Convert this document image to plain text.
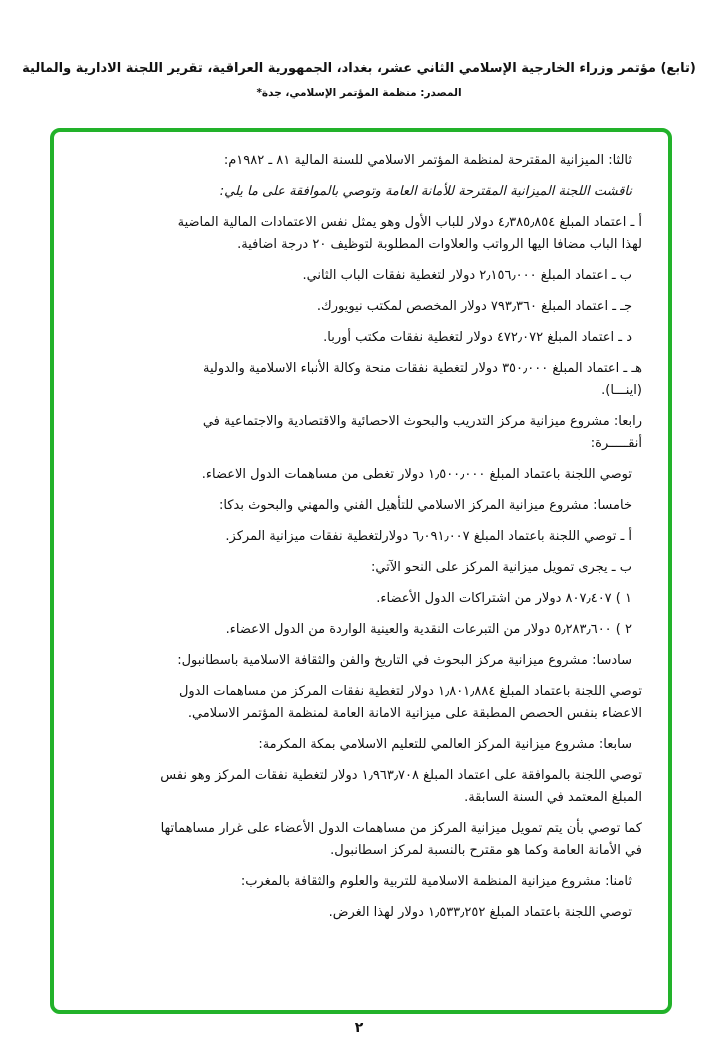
(تابع) مؤتمر وزراء الخارجية الإسلامي الثاني عشر، بغداد، الجمهورية العراقية، تقرير اللجنة الادارية والمالية
المصدر: منظمة المؤتمر الإسلامي، جدة*
ثالثا: الميزانية المقترحة لمنظمة المؤتمر الاسلامي للسنة المالية ٨١ ـ ١٩٨٢م:
ناقشت اللجنة الميزانية المقترحة للأمانة العامة وتوصي بالموافقة على ما يلي:
أ ـ اعتماد المبلغ ٤٫٣٨٥٫٨٥٤ دولار للباب الأول وهو يمثل نفس الاعتمادات المالية الماضية
لهذا الباب مضافا اليها الرواتب والعلاوات المطلوبة لتوظيف ٢٠ درجة اضافية.
ب ـ اعتماد المبلغ ٢٫١٥٦٫٠٠٠ دولار لتغطية نفقات الباب الثاني.
جـ ـ اعتماد المبلغ ٧٩٣٫٣٦٠ دولار المخصص لمكتب نيويورك.
د ـ اعتماد المبلغ ٤٧٢٫٠٧٢ دولار لتغطية نفقات مكتب أوربا.
هـ ـ اعتماد المبلغ ٣٥٠٫٠٠٠ دولار لتغطية نفقات منحة وكالة الأنباء الاسلامية والدولية
(اينـــا).
رابعا: مشروع ميزانية مركز التدريب والبحوث الاحصائية والاقتصادية والاجتماعية في
أنقـــــرة:
توصي اللجنة باعتماد المبلغ ١٫٥٠٠٫٠٠٠ دولار تغطى من مساهمات الدول الاعضاء.
خامسا: مشروع ميزانية المركز الاسلامي للتأهيل الفني والمهني والبحوث بدكا:
أ ـ توصي اللجنة باعتماد المبلغ ٦٫٠٩١٫٠٠٧ دولارلتغطية نفقات ميزانية المركز.
ب ـ يجرى تمويل ميزانية المركز على النحو الآتي:
١ ) ٨٠٧٫٤٠٧ دولار من اشتراكات الدول الأعضاء.
٢ ) ٥٫٢٨٣٫٦٠٠ دولار من التبرعات النقدية والعينية الواردة من الدول الاعضاء.
سادسا: مشروع ميزانية مركز البحوث في التاريخ والفن والثقافة الاسلامية باسطانبول:
توصي اللجنة باعتماد المبلغ ١٫٨٠١٫٨٨٤ دولار لتغطية نفقات المركز من مساهمات الدول
الاعضاء بنفس الحصص المطبقة على ميزانية الامانة العامة لمنظمة المؤتمر الاسلامي.
سابعا: مشروع ميزانية المركز العالمي للتعليم الاسلامي بمكة المكرمة:
توصي اللجنة بالموافقة على اعتماد المبلغ ١٫٩٦٣٫٧٠٨ دولار لتغطية نفقات المركز وهو نفس
المبلغ المعتمد في السنة السابقة.
كما توصي بأن يتم تمويل ميزانية المركز من مساهمات الدول الأعضاء على غرار مساهماتها
في الأمانة العامة وكما هو مقترح بالنسبة لمركز اسطانبول.
ثامنا: مشروع ميزانية المنظمة الاسلامية للتربية والعلوم والثقافة بالمغرب:
توصي اللجنة باعتماد المبلغ ١٫٥٣٣٫٢٥٢ دولار لهذا الغرض.
٢
